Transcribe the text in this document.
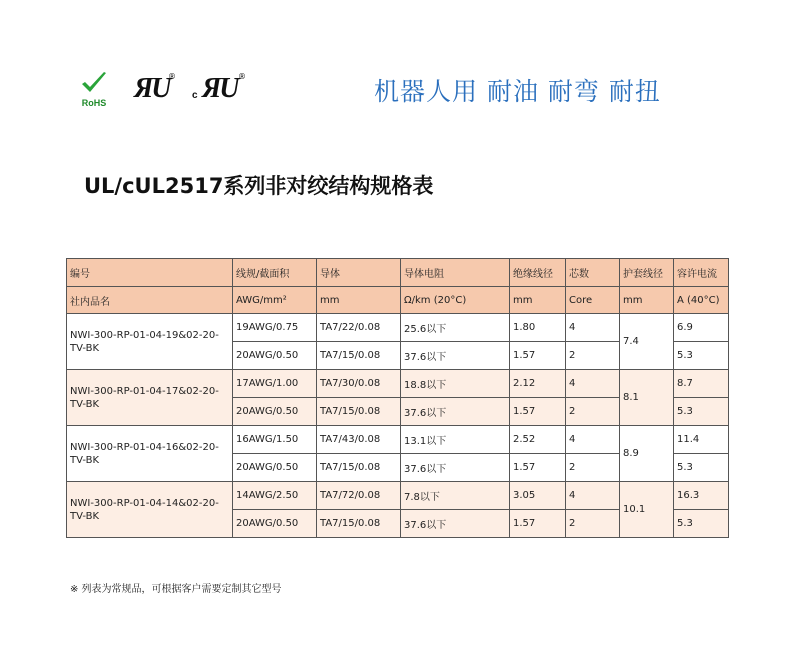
RoHS ЯU
®
c ЯU ®
机器人用 耐油 耐弯 耐扭
UL/cUL2517系列非对绞结构规格表
编号	线规/截面积	导体	导体电阻	绝缘线径	芯数	护套线径	容许电流
社内品名	AWG/mm²	mm	Ω/km (20°C)	mm	Core	mm	A (40°C)
NWI-300-RP-01-04-19&02-20-TV-BK	19AWG/0.75	TA7/22/0.08	25.6以下	1.80	4	7.4	6.9
	20AWG/0.50	TA7/15/0.08	37.6以下	1.57	2		5.3
NWI-300-RP-01-04-17&02-20-TV-BK	17AWG/1.00	TA7/30/0.08	18.8以下	2.12	4	8.1	8.7
	20AWG/0.50	TA7/15/0.08	37.6以下	1.57	2		5.3
NWI-300-RP-01-04-16&02-20-TV-BK	16AWG/1.50	TA7/43/0.08	13.1以下	2.52	4	8.9	11.4
	20AWG/0.50	TA7/15/0.08	37.6以下	1.57	2		5.3
NWI-300-RP-01-04-14&02-20-TV-BK	14AWG/2.50	TA7/72/0.08	7.8以下	3.05	4	10.1	16.3
	20AWG/0.50	TA7/15/0.08	37.6以下	1.57	2		5.3
※ 列表为常规品，可根据客户需要定制其它型号
